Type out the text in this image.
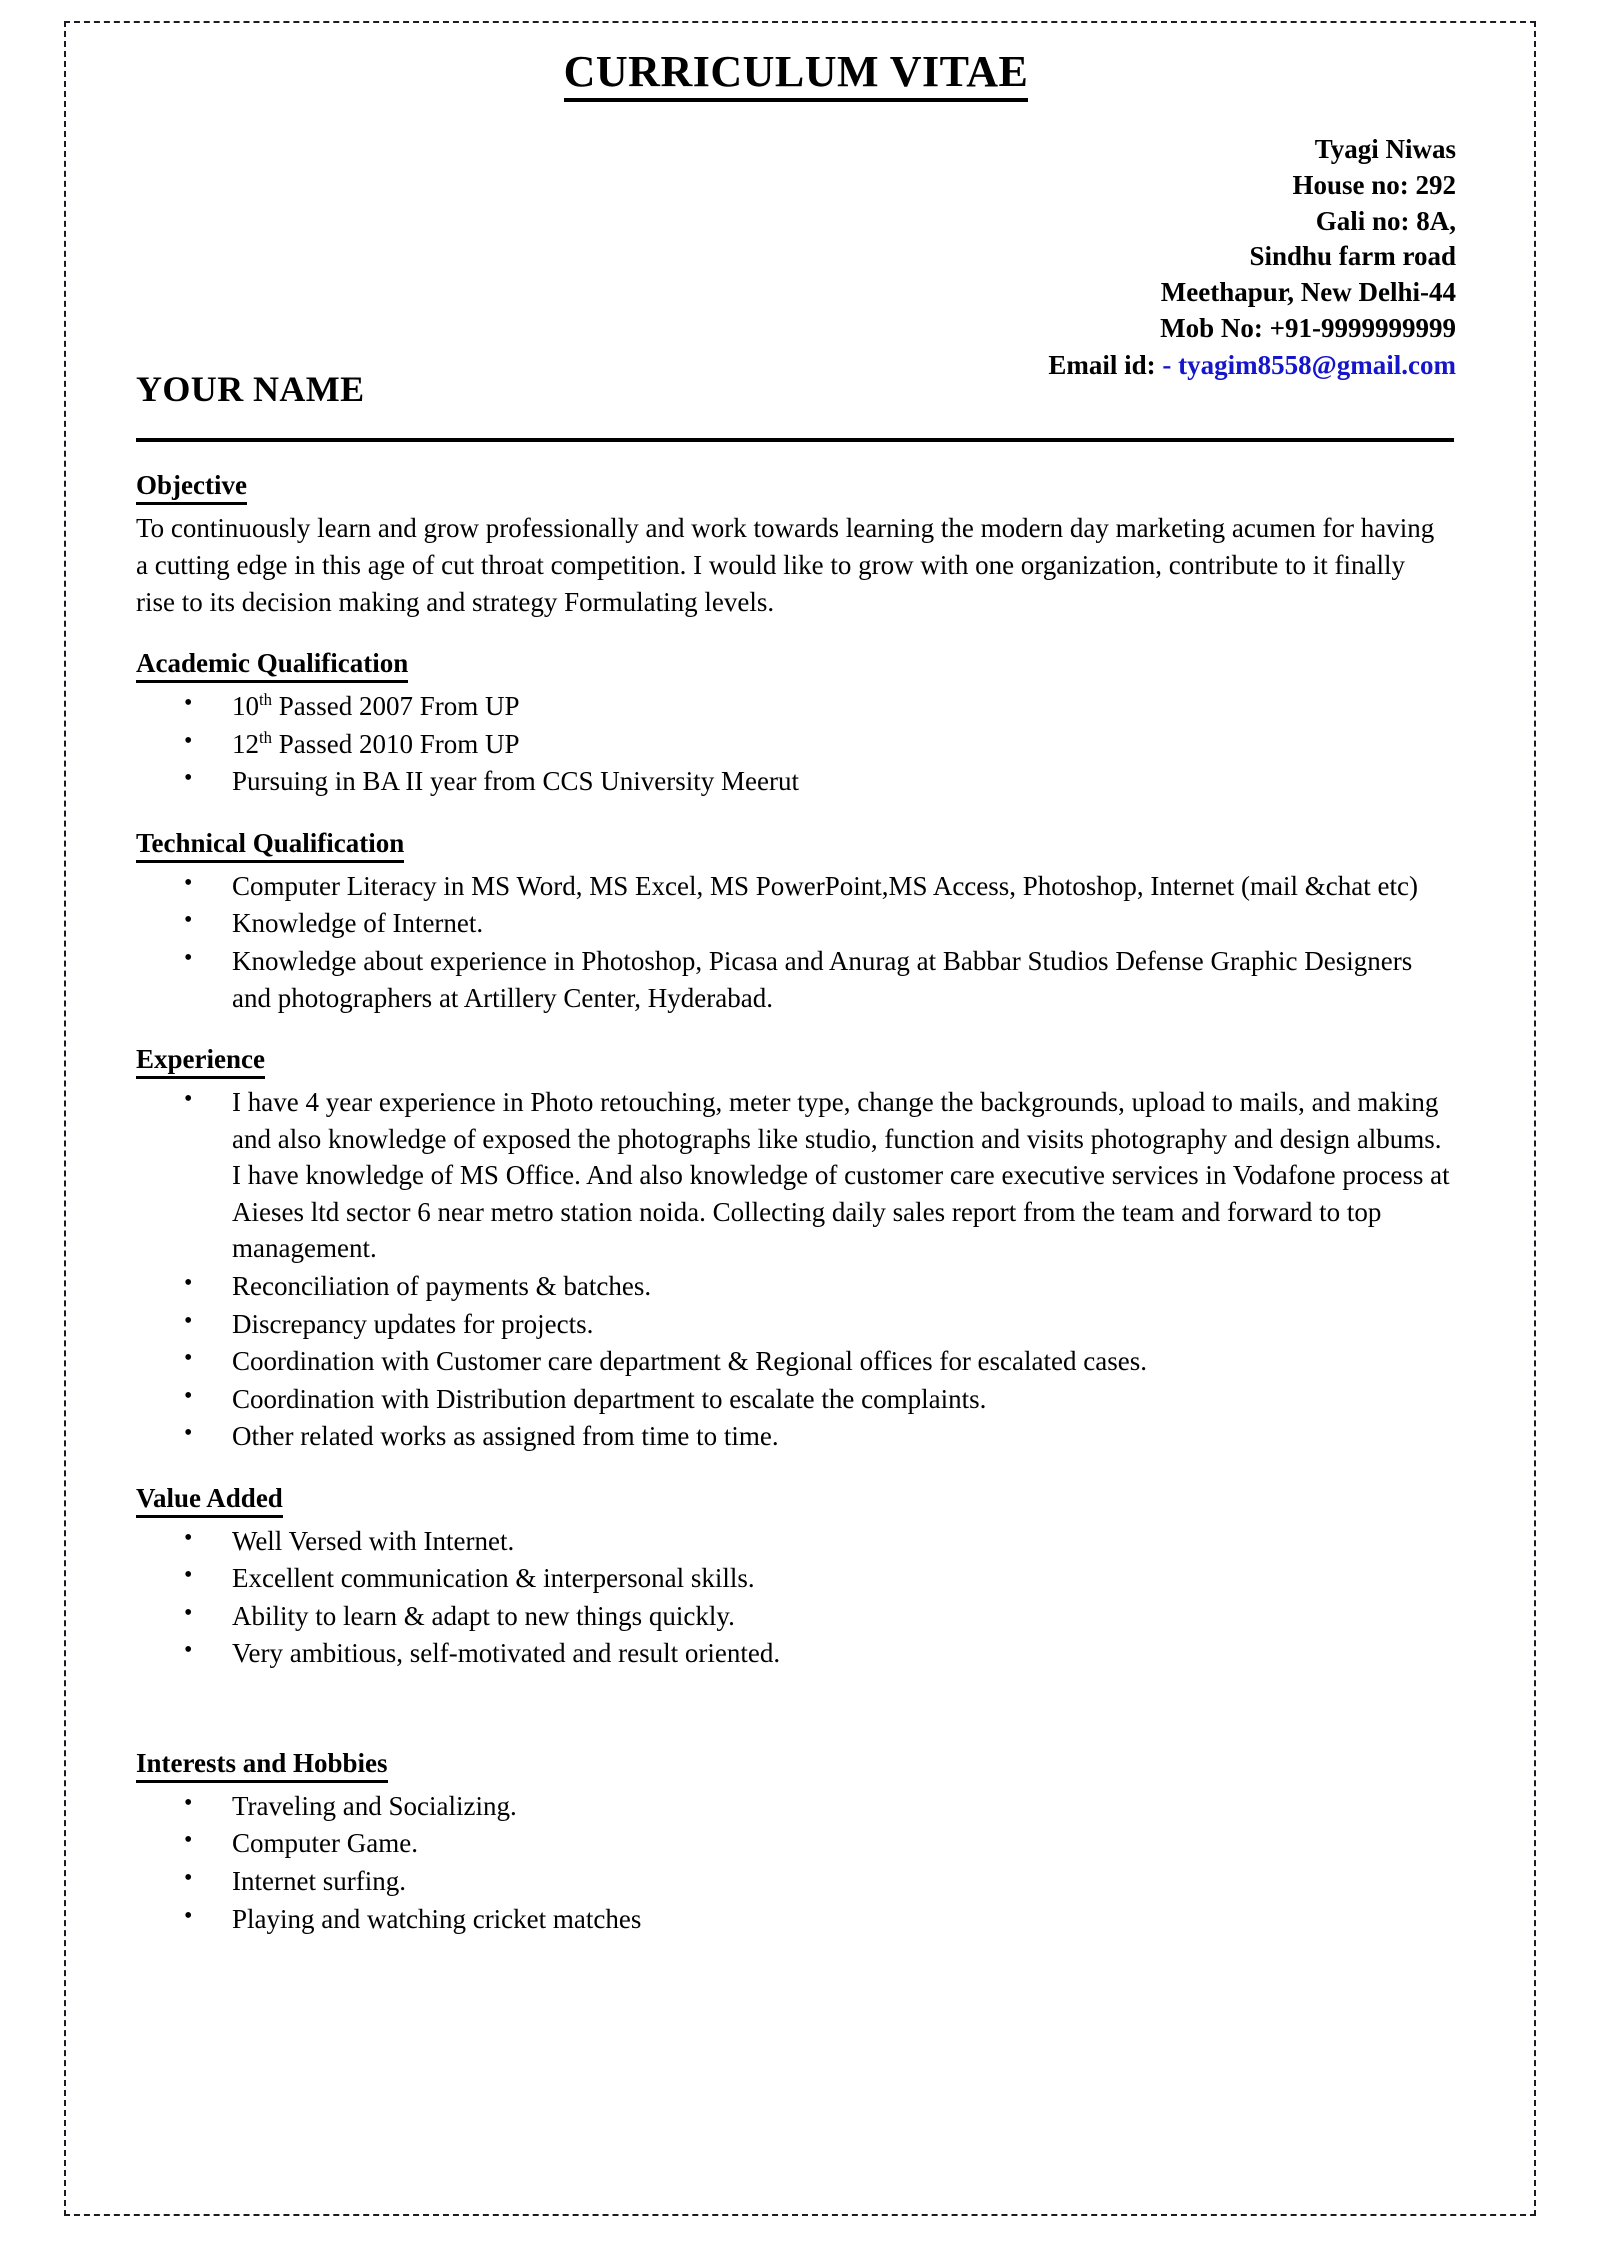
CURRICULUM VITAE
Tyagi Niwas
House no: 292
Gali no: 8A,
Sindhu farm road
Meethapur, New Delhi-44
Mob No: +91-9999999999
Email id: - tyagim8558@gmail.com
YOUR NAME
Objective
To continuously learn and grow professionally and work towards learning the modern day marketing acumen for having a cutting edge in this age of cut throat competition. I would like to grow with one organization, contribute to it finally rise to its decision making and strategy Formulating levels.
Academic Qualification
• 10th Passed 2007 From UP
• 12th Passed 2010 From UP
• Pursuing in BA II year from CCS University Meerut
Technical Qualification
• Computer Literacy in MS Word, MS Excel, MS PowerPoint,MS Access, Photoshop, Internet (mail &chat etc)
• Knowledge of Internet.
• Knowledge about experience in Photoshop, Picasa and Anurag at Babbar Studios Defense Graphic Designers and photographers at Artillery Center, Hyderabad.
Experience
• I have 4 year experience in Photo retouching, meter type, change the backgrounds, upload to mails, and making and also knowledge of exposed the photographs like studio, function and visits photography and design albums. I have knowledge of MS Office. And also knowledge of customer care executive services in Vodafone process at Aieses ltd sector 6 near metro station noida. Collecting daily sales report from the team and forward to top management.
• Reconciliation of payments & batches.
• Discrepancy updates for projects.
• Coordination with Customer care department & Regional offices for escalated cases.
• Coordination with Distribution department to escalate the complaints.
• Other related works as assigned from time to time.
Value Added
• Well Versed with Internet.
• Excellent communication & interpersonal skills.
• Ability to learn & adapt to new things quickly.
• Very ambitious, self-motivated and result oriented.
Interests and Hobbies
• Traveling and Socializing.
• Computer Game.
• Internet surfing.
• Playing and watching cricket matches
